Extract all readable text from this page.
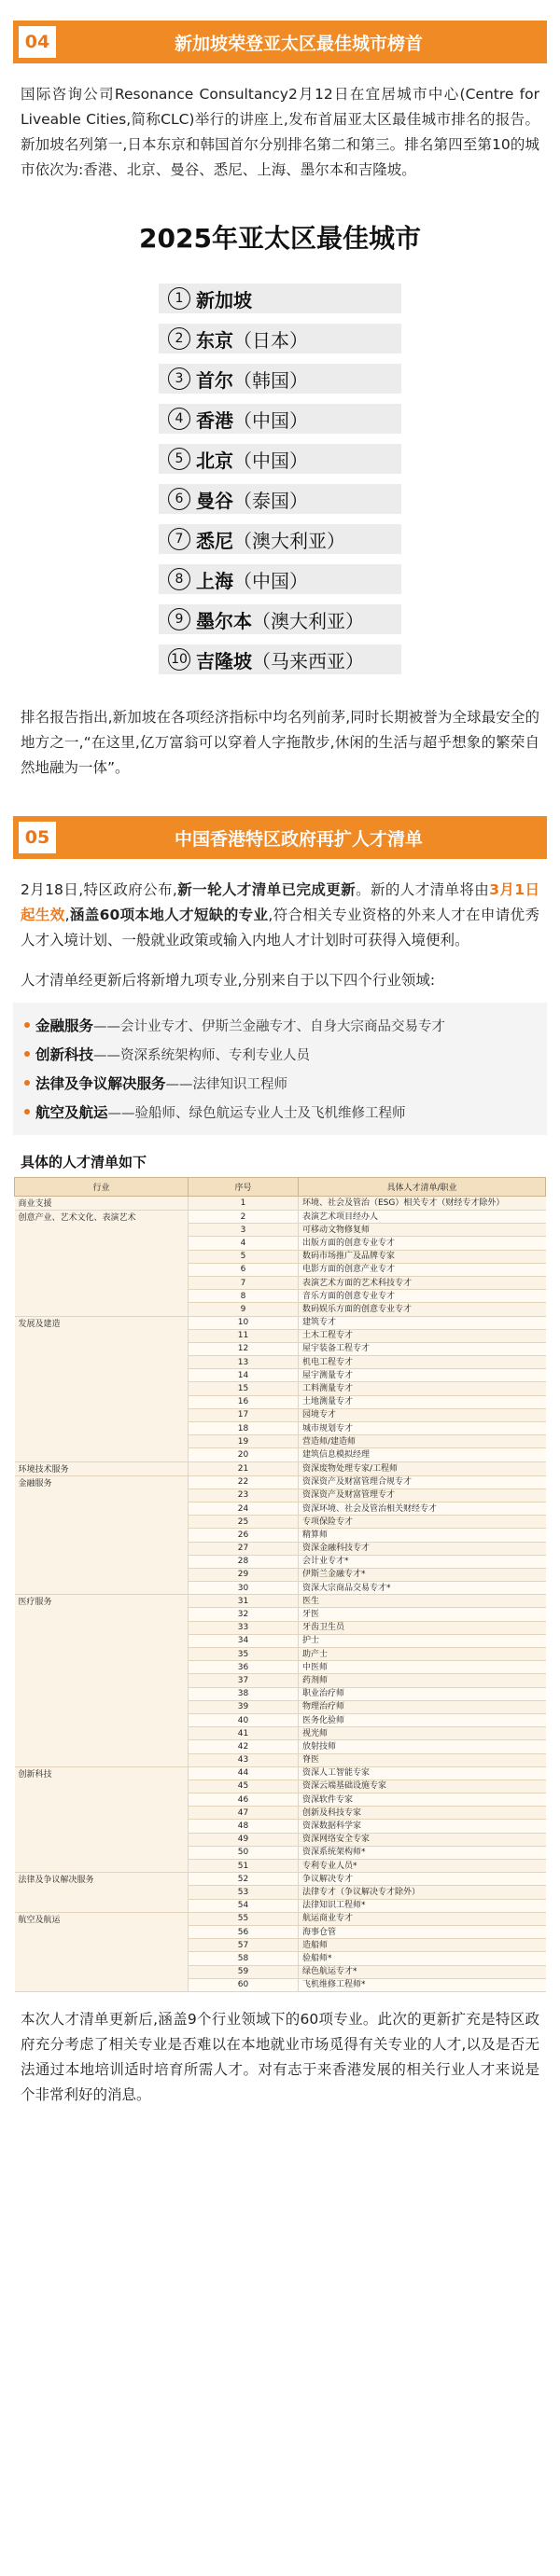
04	新加坡荣登亚太区最佳城市榜首

国际咨询公司Resonance Consultancy2月12日在宜居城市中心(Centre for Liveable Cities,简称CLC)举行的讲座上,发布首届亚太区最佳城市排名的报告。新加坡名列第一,日本东京和韩国首尔分别排名第二和第三。排名第四至第10的城市依次为:香港、北京、曼谷、悉尼、上海、墨尔本和吉隆坡。

2025年亚太区最佳城市
1 新加坡
2 东京 （日本）
3 首尔 （韩国）
4 香港 （中国）
5 北京 （中国）
6 曼谷 （泰国）
7 悉尼 （澳大利亚）
8 上海 （中国）
9 墨尔本 （澳大利亚）
10 吉隆坡 （马来西亚）

排名报告指出,新加坡在各项经济指标中均名列前茅,同时长期被誉为全球最安全的地方之一,“在这里,亿万富翁可以穿着人字拖散步,休闲的生活与超乎想象的繁荣自然地融为一体”。

05	中国香港特区政府再扩人才清单

2月18日,特区政府公布,新一轮人才清单已完成更新。新的人才清单将由3月1日起生效,涵盖60项本地人才短缺的专业,符合相关专业资格的外来人才在申请优秀人才入境计划、一般就业政策或输入内地人才计划时可获得入境便利。

人才清单经更新后将新增九项专业,分别来自于以下四个行业领域:

金融服务——会计业专才、伊斯兰金融专才、自身大宗商品交易专才
创新科技——资深系统架构师、专利专业人员
法律及争议解决服务——法律知识工程师
航空及航运——验船师、绿色航运专业人士及飞机维修工程师
具体的人才清单如下
行业	序号	具体人才清单/职业
商业支援	1	环境、社会及管治（ESG）相关专才（财经专才除外）
创意产业、艺术文化、表演艺术	2	表演艺术项目经办人
	3	可移动文物修复师
	4	出版方面的创意专业专才
	5	数码市场推广及品牌专家
	6	电影方面的创意产业专才
	7	表演艺术方面的艺术科技专才
	8	音乐方面的创意专业专才
	9	数码娱乐方面的创意专业专才
发展及建造	10	建筑专才
	11	土木工程专才
	12	屋宇装备工程专才
	13	机电工程专才
	14	屋宇测量专才
	15	工料测量专才
	16	土地测量专才
	17	园境专才
	18	城市规划专才
	19	营造师/建造师
	20	建筑信息模拟经理
环境技术服务	21	资深废物处理专家/工程师
金融服务	22	资深资产及财富管理合规专才
	23	资深资产及财富管理专才
	24	资深环境、社会及管治相关财经专才
	25	专项保险专才
	26	精算师
	27	资深金融科技专才
	28	会计业专才*
	29	伊斯兰金融专才*
	30	资深大宗商品交易专才*
医疗服务	31	医生
	32	牙医
	33	牙齿卫生员
	34	护士
	35	助产士
	36	中医师
	37	药剂师
	38	职业治疗师
	39	物理治疗师
	40	医务化验师
	41	视光师
	42	放射技师
	43	脊医
创新科技	44	资深人工智能专家
	45	资深云端基础设施专家
	46	资深软件专家
	47	创新及科技专家
	48	资深数据科学家
	49	资深网络安全专家
	50	资深系统架构师*
	51	专利专业人员*
法律及争议解决服务	52	争议解决专才
	53	法律专才（争议解决专才除外）
	54	法律知识工程师*
航空及航运	55	航运商业专才
	56	海事仓管
	57	造船师
	58	验船师*
	59	绿色航运专才*
	60	飞机维修工程师*

本次人才清单更新后,涵盖9个行业领域下的60项专业。此次的更新扩充是特区政府充分考虑了相关专业是否难以在本地就业市场觅得有关专业的人才,以及是否无法通过本地培训适时培育所需人才。对有志于来香港发展的相关行业人才来说是个非常利好的消息。
